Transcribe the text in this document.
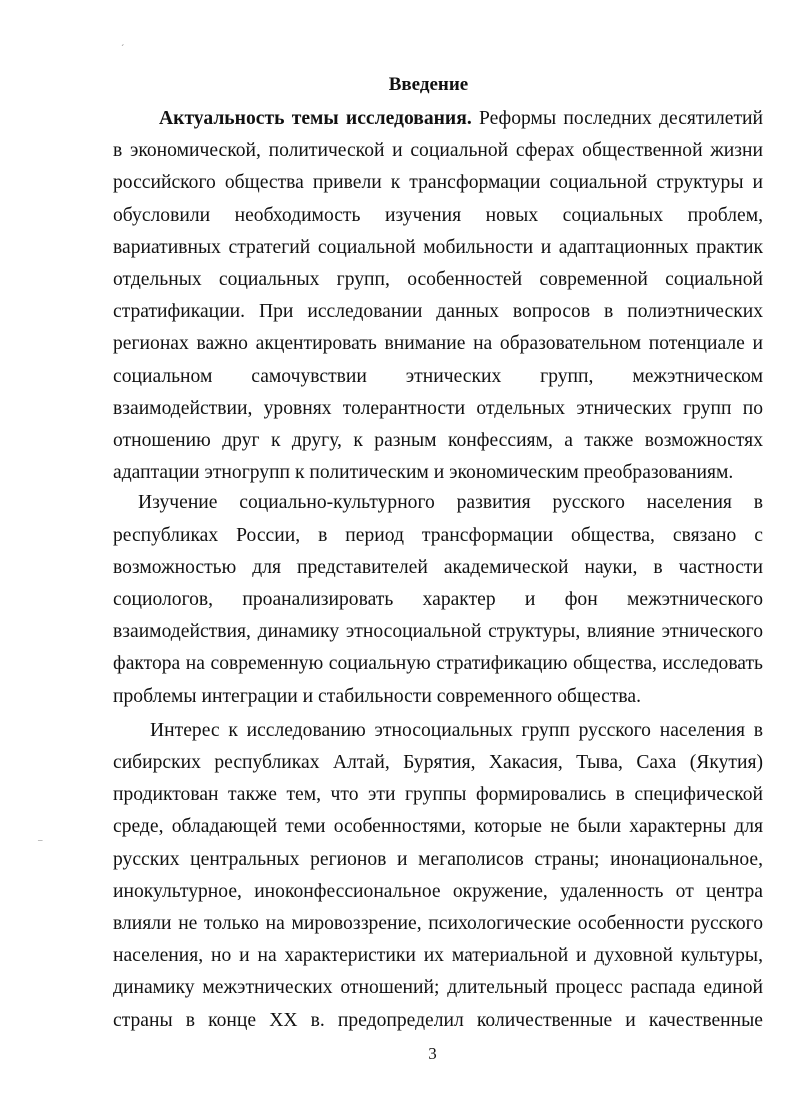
ˊ
–
Введение

Актуальность темы исследования. Реформы последних десятилетий в экономической, политической и социальной сферах общественной жизни российского общества привели к трансформации социальной структуры и обусловили необходимость изучения новых социальных проблем, вариативных стратегий социальной мобильности и адаптационных практик отдельных социальных групп, особенностей современной социальной стратификации. При исследовании данных вопросов в полиэтнических регионах важно акцентировать внимание на образовательном потенциале и социальном самочувствии этнических групп, межэтническом взаимодействии, уровнях толерантности отдельных этнических групп по отношению друг к другу, к разным конфессиям, а также возможностях адаптации этногрупп к политическим и экономическим преобразованиям.

Изучение социально-культурного развития русского населения в республиках России, в период трансформации общества, связано с возможностью для представителей академической науки, в частности социологов, проанализировать характер и фон межэтнического взаимодействия, динамику этносоциальной структуры, влияние этнического фактора на современную социальную стратификацию общества, исследовать проблемы интеграции и стабильности современного общества.

Интерес к исследованию этносоциальных групп русского населения в сибирских республиках Алтай, Бурятия, Хакасия, Тыва, Саха (Якутия) продиктован также тем, что эти группы формировались в специфической среде, обладающей теми особенностями, которые не были характерны для русских центральных регионов и мегаполисов страны; инонациональное, инокультурное, иноконфессиональное окружение, удаленность от центра влияли не только на мировоззрение, психологические особенности русского населения, но и на характеристики их материальной и духовной культуры, динамику межэтнических отношений; длительный процесс распада единой страны в конце XX в. предопределил количественные и качественные

3
